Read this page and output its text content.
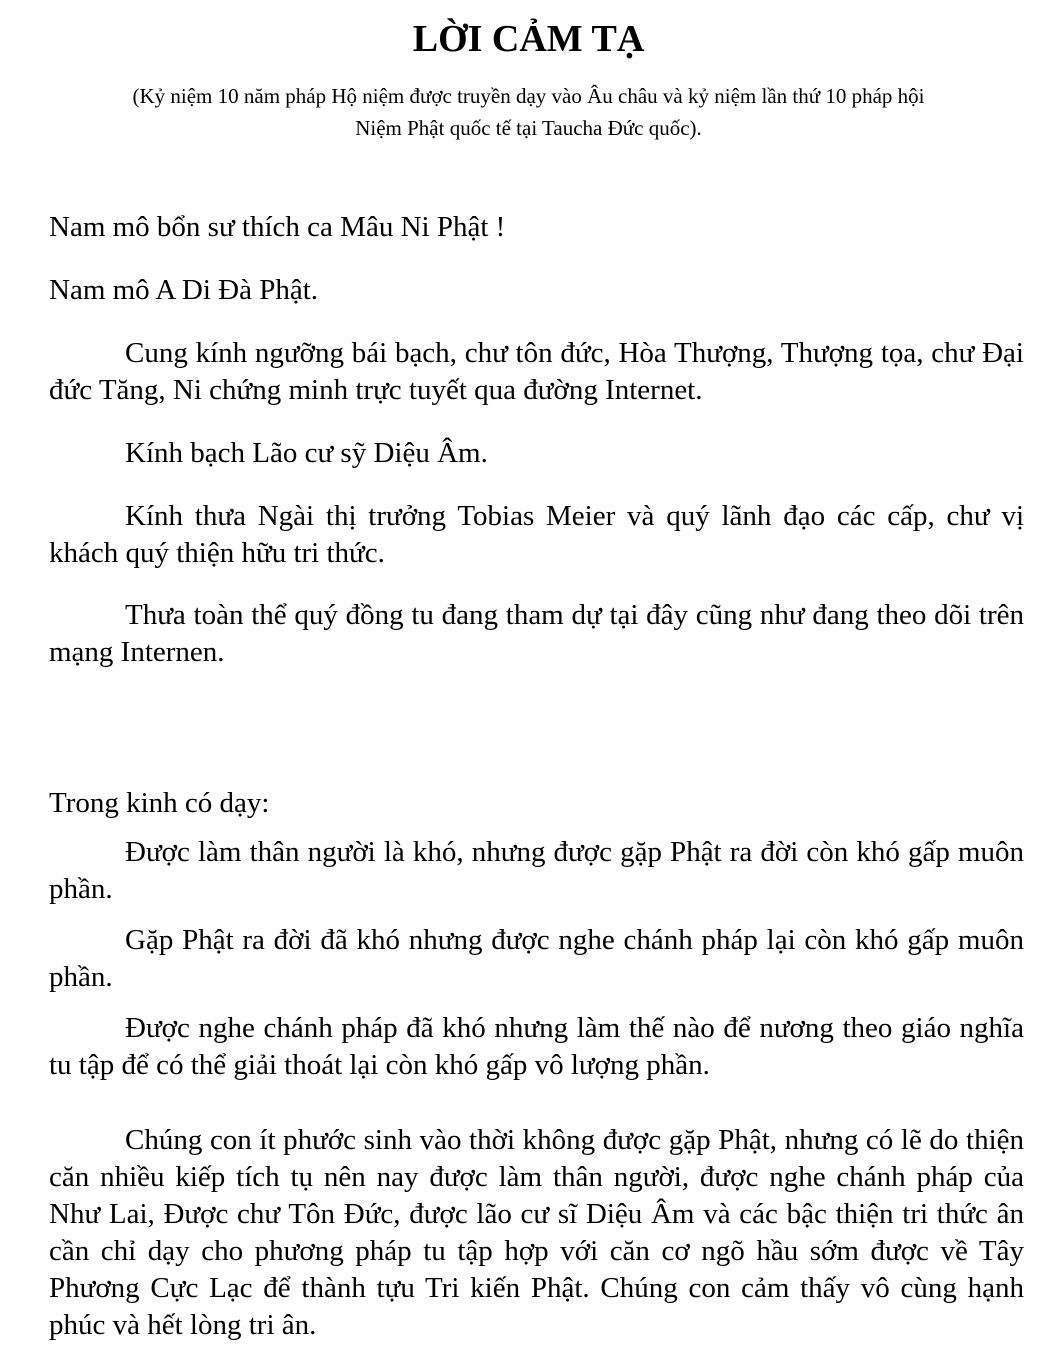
LỜI CẢM TẠ
(Kỷ niệm 10 năm pháp Hộ niệm được truyền dạy vào Âu châu và kỷ niệm lần thứ 10 pháp hội
Niệm Phật quốc tế tại Taucha Đức quốc).

Nam mô bổn sư thích ca Mâu Ni Phật !

Nam mô A Di Đà Phật.

Cung kính ngưỡng bái bạch, chư tôn đức, Hòa Thượng, Thượng tọa, chư Đại đức Tăng, Ni chứng minh trực tuyết qua đường Internet.

Kính bạch Lão cư sỹ Diệu Âm.

Kính thưa Ngài thị trưởng Tobias Meier và quý lãnh đạo các cấp, chư vị khách quý thiện hữu tri thức.

Thưa toàn thể quý đồng tu đang tham dự tại đây cũng như đang theo dõi trên mạng Internen.

Trong kinh có dạy:

Được làm thân người là khó, nhưng được gặp Phật ra đời còn khó gấp muôn phần.

Gặp Phật ra đời đã khó nhưng được nghe chánh pháp lại còn khó gấp muôn phần.

Được nghe chánh pháp đã khó nhưng làm thế nào để nương theo giáo nghĩa tu tập để có thể giải thoát lại còn khó gấp vô lượng phần.

Chúng con ít phước sinh vào thời không được gặp Phật, nhưng có lẽ do thiện căn nhiều kiếp tích tụ nên nay được làm thân người, được nghe chánh pháp của Như Lai, Được chư Tôn Đức, được lão cư sĩ Diệu Âm và các bậc thiện tri thức ân cần chỉ dạy cho phương pháp tu tập hợp với căn cơ ngõ hầu sớm được về Tây Phương Cực Lạc để thành tựu Tri kiến Phật. Chúng con cảm thấy vô cùng hạnh phúc và hết lòng tri ân.
